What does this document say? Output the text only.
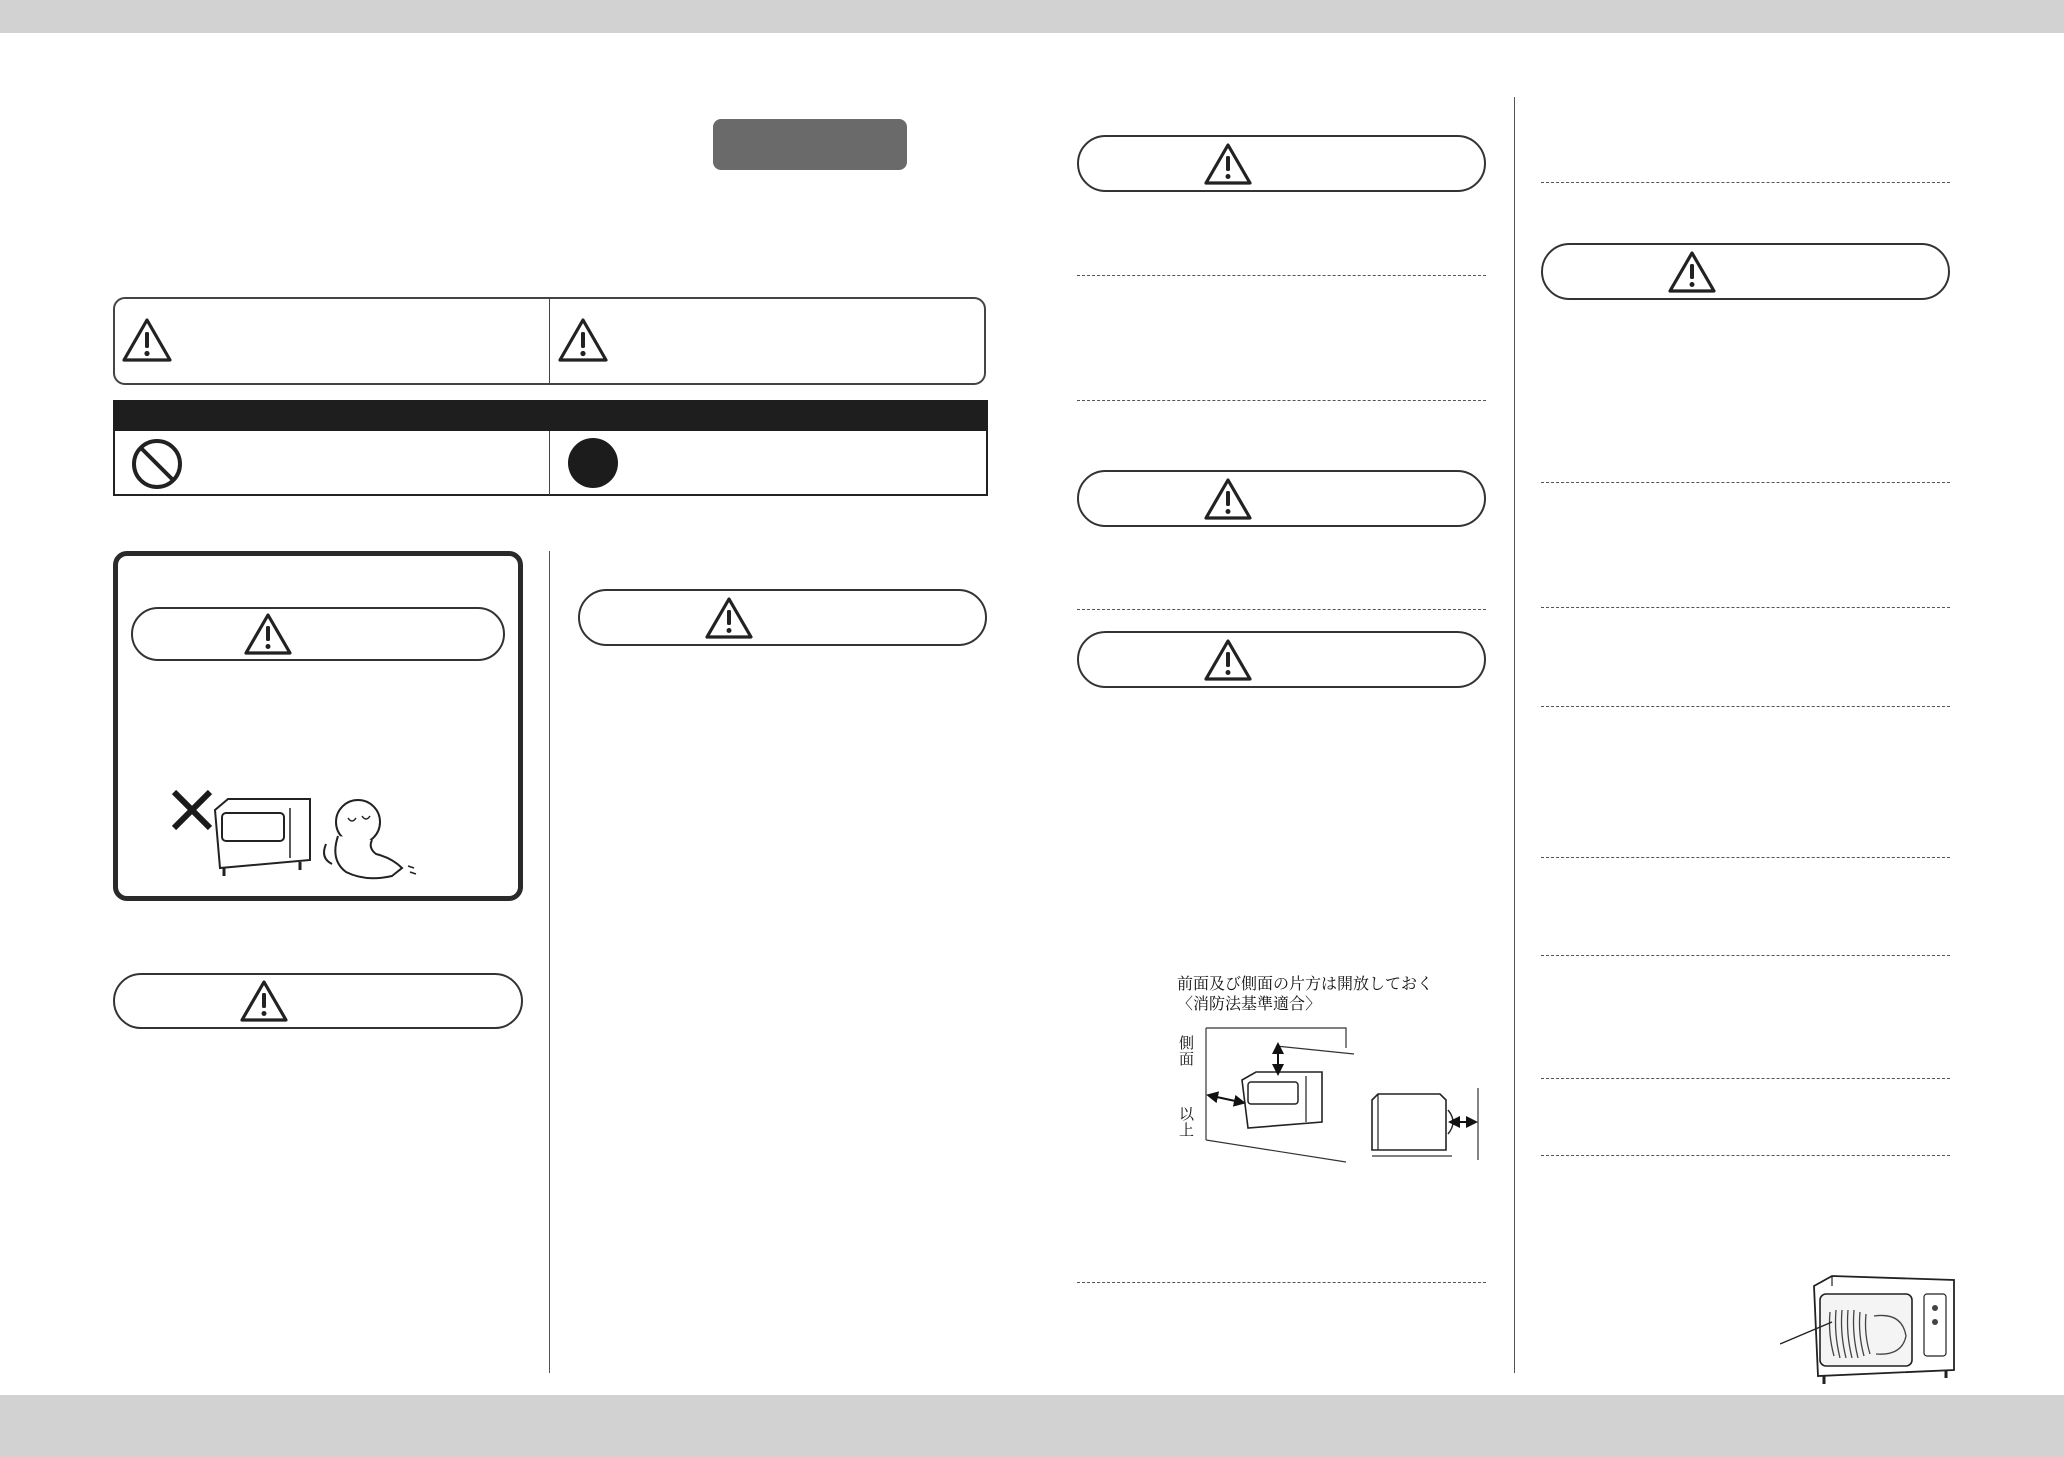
前面及び側面の片方は開放しておく
〈消防法基準適合〉
側面
以上
